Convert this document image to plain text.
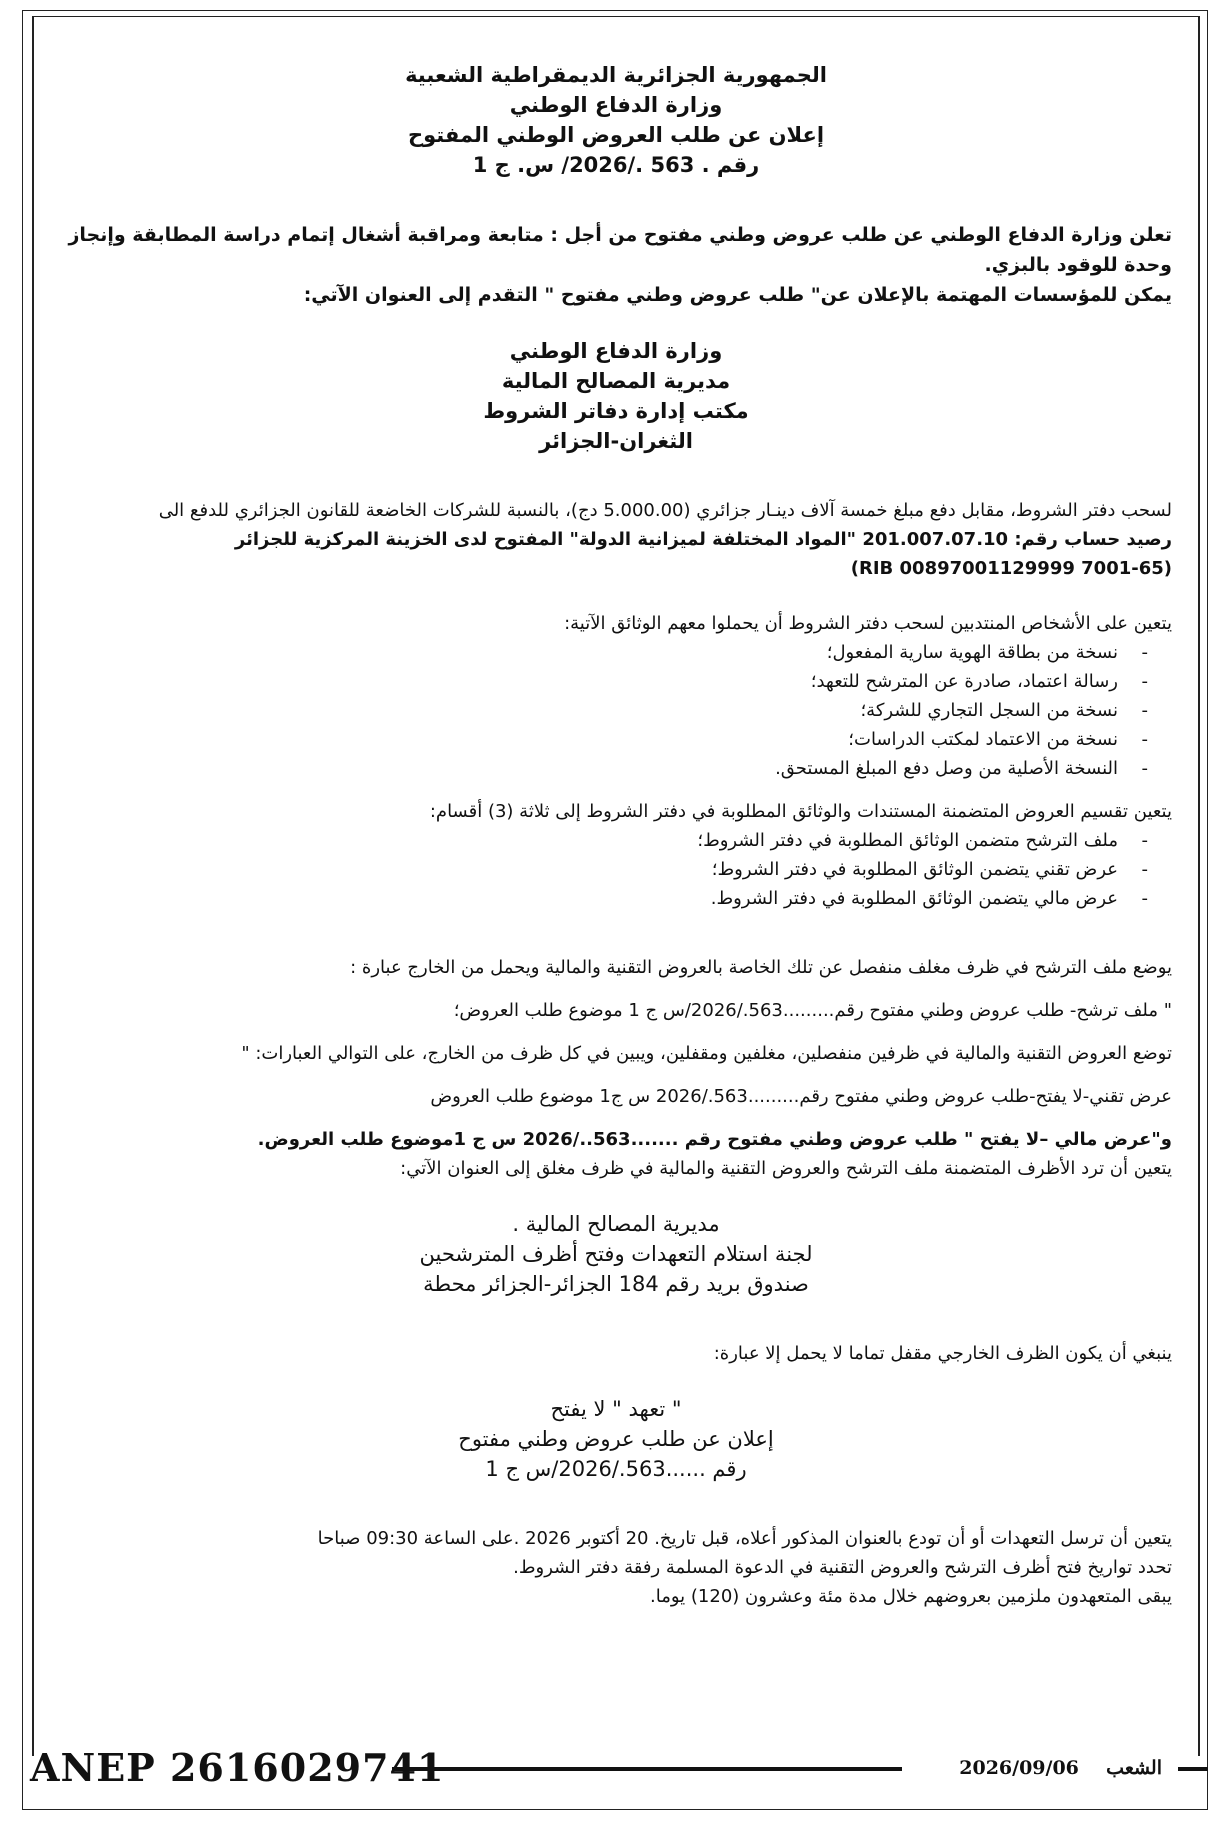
الجمهورية الجزائرية الديمقراطية الشعبية
وزارة الدفاع الوطني
إعلان عن طلب العروض الوطني المفتوح
رقم . 563 ./2026/ س. ج 1

تعلن وزارة الدفاع الوطني عن طلب عروض وطني مفتوح من أجل : متابعة ومراقبة أشغال إتمام دراسة المطابقة وإنجاز وحدة للوقود بالبزي.

يمكن للمؤسسات المهتمة بالإعلان عن" طلب عروض وطني مفتوح " التقدم إلى العنوان الآتي:

وزارة الدفاع الوطني
مديرية المصالح المالية
مكتب إدارة دفاتر الشروط
الثغران-الجزائر

لسحب دفتر الشروط، مقابل دفع مبلغ خمسة آلاف دينـار جزائري (5.000.00 دج)، بالنسبة للشركات الخاضعة للقانون الجزائري للدفع الى

رصيد حساب رقم: 201.007.07.10 "المواد المختلفة لميزانية الدولة" المفتوح لدى الخزينة المركزية للجزائر

(RIB 00897001129999 7001-65)

يتعين على الأشخاص المنتدبين لسحب دفتر الشروط أن يحملوا معهم الوثائق الآتية:

- نسخة من بطاقة الهوية سارية المفعول؛
- رسالة اعتماد، صادرة عن المترشح للتعهد؛
- نسخة من السجل التجاري للشركة؛
- نسخة من الاعتماد لمكتب الدراسات؛
- النسخة الأصلية من وصل دفع المبلغ المستحق.

يتعين تقسيم العروض المتضمنة المستندات والوثائق المطلوبة في دفتر الشروط إلى ثلاثة (3) أقسام:

- ملف الترشح متضمن الوثائق المطلوبة في دفتر الشروط؛
- عرض تقني يتضمن الوثائق المطلوبة في دفتر الشروط؛
- عرض مالي يتضمن الوثائق المطلوبة في دفتر الشروط.

يوضع ملف الترشح في ظرف مغلف منفصل عن تلك الخاصة بالعروض التقنية والمالية ويحمل من الخارج عبارة :

" ملف ترشح- طلب عروض وطني مفتوح رقم.........563./2026/س ج 1 موضوع طلب العروض؛

توضع العروض التقنية والمالية في ظرفين منفصلين، مغلفين ومقفلين، ويبين في كل ظرف من الخارج، على التوالي العبارات: "

عرض تقني-لا يفتح-طلب عروض وطني مفتوح رقم.........563./2026 س ج1 موضوع طلب العروض

و"عرض مالي –لا يفتح " طلب عروض وطني مفتوح رقم .......563../2026 س ج 1موضوع طلب العروض.

يتعين أن ترد الأظرف المتضمنة ملف الترشح والعروض التقنية والمالية في ظرف مغلق إلى العنوان الآتي:

مديرية المصالح المالية .
لجنة استلام التعهدات وفتح أظرف المترشحين
صندوق بريد رقم 184 الجزائر-الجزائر محطة

ينبغي أن يكون الظرف الخارجي مقفل تماما لا يحمل إلا عبارة:

" تعهد " لا يفتح
إعلان عن طلب عروض وطني مفتوح
رقم ......563./2026/س ج 1

يتعين أن ترسل التعهدات أو أن تودع بالعنوان المذكور أعلاه، قبل تاريخ. 20 أكتوبر 2026 .على الساعة 09:30 صباحا

تحدد تواريخ فتح أظرف الترشح والعروض التقنية في الدعوة المسلمة رفقة دفتر الشروط.

يبقى المتعهدون ملزمين بعروضهم خلال مدة مئة وعشرون (120) يوما.

ANEP 2616029741	الشعب  2026/09/06
